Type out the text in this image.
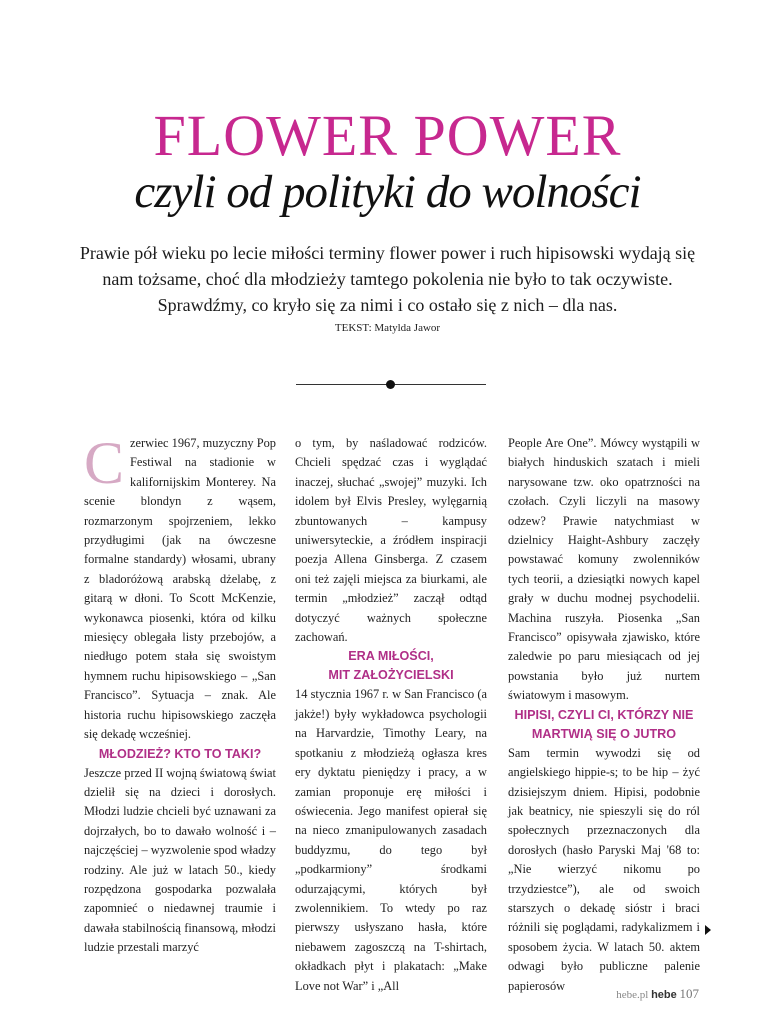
FLOWER POWER
czyli od polityki do wolności

Prawie pół wieku po lecie miłości terminy flower power i ruch hipisowski wydają się nam tożsame, choć dla młodzieży tamtego pokolenia nie było to tak oczywiste. Sprawdźmy, co kryło się za nimi i co ostało się z nich – dla nas.

TEKST: Matylda Jawor

C zerwiec 1967, muzyczny Pop Festiwal na stadionie w kalifornijskim Monterey. Na scenie blondyn z wąsem, rozmarzonym spojrzeniem, lekko przydługimi (jak na ówczesne formalne standardy) włosami, ubrany z bladoróżową arabską dżelabę, z gitarą w dłoni. To Scott McKenzie, wykonawca piosenki, która od kilku miesięcy oblegała listy przebojów, a niedługo potem stała się swoistym hymnem ruchu hipisowskiego – „San Francisco”. Sytuacja – znak. Ale historia ruchu hipisowskiego zaczęła się dekadę wcześniej.

MŁODZIEŻ? KTO TO TAKI?

Jeszcze przed II wojną światową świat dzielił się na dzieci i dorosłych. Młodzi ludzie chcieli być uznawani za dojrzałych, bo to dawało wolność i – najczęściej – wyzwolenie spod władzy rodziny. Ale już w latach 50., kiedy rozpędzona gospodarka pozwalała zapomnieć o niedawnej traumie i dawała stabilnością finansową, młodzi ludzie przestali marzyć

o tym, by naśladować rodziców. Chcieli spędzać czas i wyglądać inaczej, słuchać „swojej” muzyki. Ich idolem był Elvis Presley, wylęgarnią zbuntowanych – kampusy uniwersyteckie, a źródłem inspiracji poezja Allena Ginsberga. Z czasem oni też zajęli miejsca za biurkami, ale termin „młodzież” zaczął odtąd dotyczyć ważnych społeczne zachowań.

ERA MIŁOŚCI,
MIT ZAŁOŻYCIELSKI

14 stycznia 1967 r. w San Francisco (a jakże!) były wykładowca psychologii na Harvardzie, Timothy Leary, na spotkaniu z młodzieżą ogłasza kres ery dyktatu pieniędzy i pracy, a w zamian proponuje erę miłości i oświecenia. Jego manifest opierał się na nieco zmanipulowanych zasadach buddyzmu, do tego był „podkarmiony” środkami odurzającymi, których był zwolennikiem. To wtedy po raz pierwszy usłyszano hasła, które niebawem zagoszczą na T-shirtach, okładkach płyt i plakatach: „Make Love not War” i „All

People Are One”. Mówcy wystąpili w białych hinduskich szatach i mieli narysowane tzw. oko opatrzności na czołach. Czyli liczyli na masowy odzew? Prawie natychmiast w dzielnicy Haight-Ashbury zaczęły powstawać komuny zwolenników tych teorii, a dziesiątki nowych kapel grały w duchu modnej psychodelii. Machina ruszyła. Piosenka „San Francisco” opisywała zjawisko, które zaledwie po paru miesiącach od jej powstania było już nurtem światowym i masowym.

HIPISI, CZYLI CI, KTÓRZY NIE
MARTWIĄ SIĘ O JUTRO

Sam termin wywodzi się od angielskiego hippie-s; to be hip – żyć dzisiejszym dniem. Hipisi, podobnie jak beatnicy, nie spieszyli się do ról społecznych przeznaczonych dla dorosłych (hasło Paryski Maj '68 to: „Nie wierzyć nikomu po trzydziestce”), ale od swoich starszych o dekadę sióstr i braci różnili się poglądami, radykalizmem i sposobem życia. W latach 50. aktem odwagi było publiczne palenie papierosów

hebe.pl hebe 107
